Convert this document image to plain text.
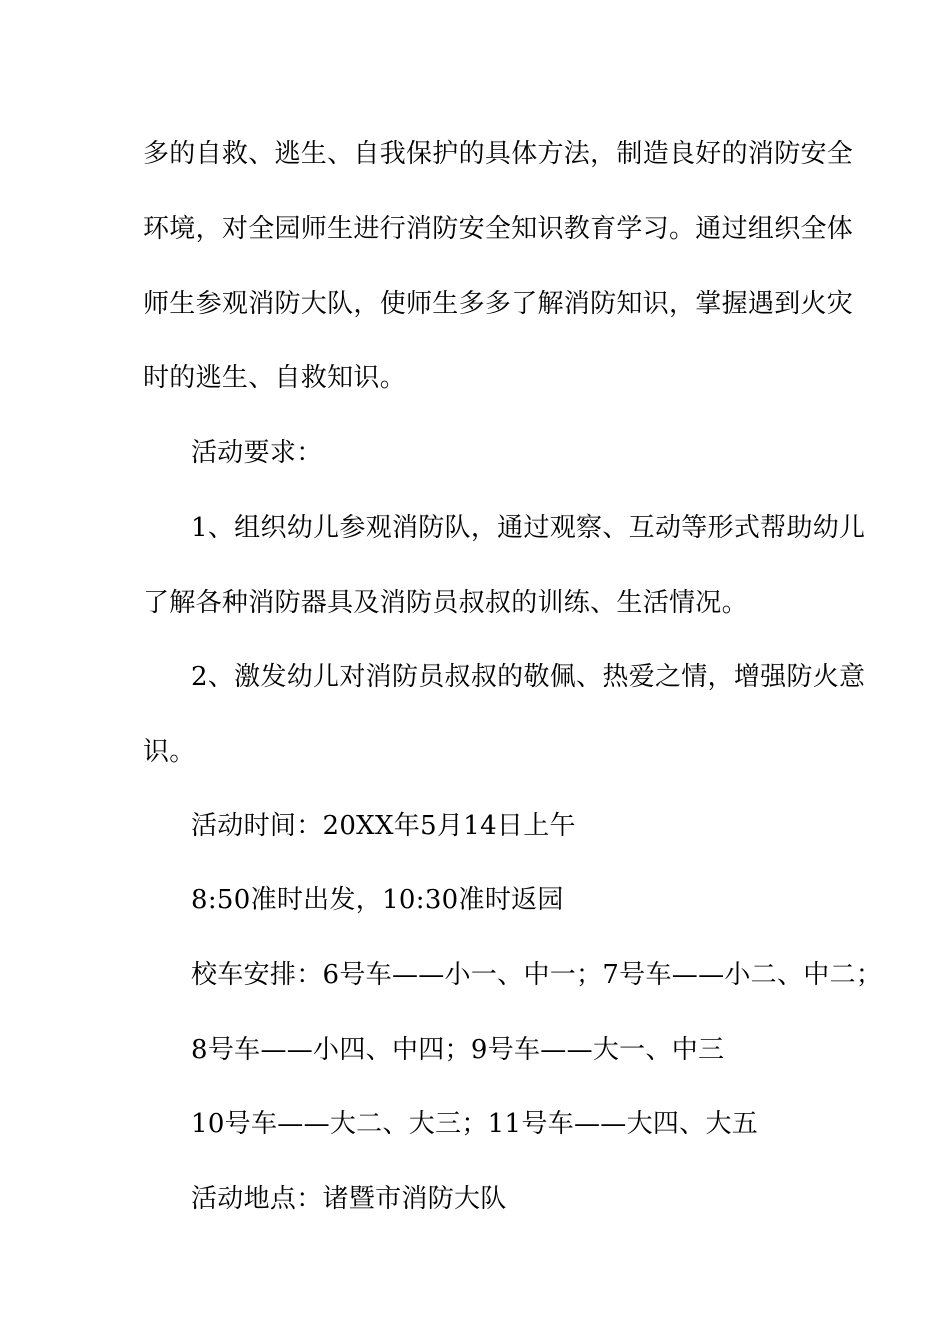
多的自救、逃生、自我保护的具体方法，制造良好的消防安全
环境，对全园师生进行消防安全知识教育学习。通过组织全体
师生参观消防大队，使师生多多了解消防知识，掌握遇到火灾
时的逃生、自救知识。
活动要求：
1、组织幼儿参观消防队，通过观察、互动等形式帮助幼儿
了解各种消防器具及消防员叔叔的训练、生活情况。
2、激发幼儿对消防员叔叔的敬佩、热爱之情，增强防火意
识。
活动时间：20XX年5月14日上午
8:50准时出发，10:30准时返园
校车安排：6号车——小一、中一；7号车——小二、中二；
8号车——小四、中四；9号车——大一、中三
10号车——大二、大三；11号车——大四、大五
活动地点：诸暨市消防大队
